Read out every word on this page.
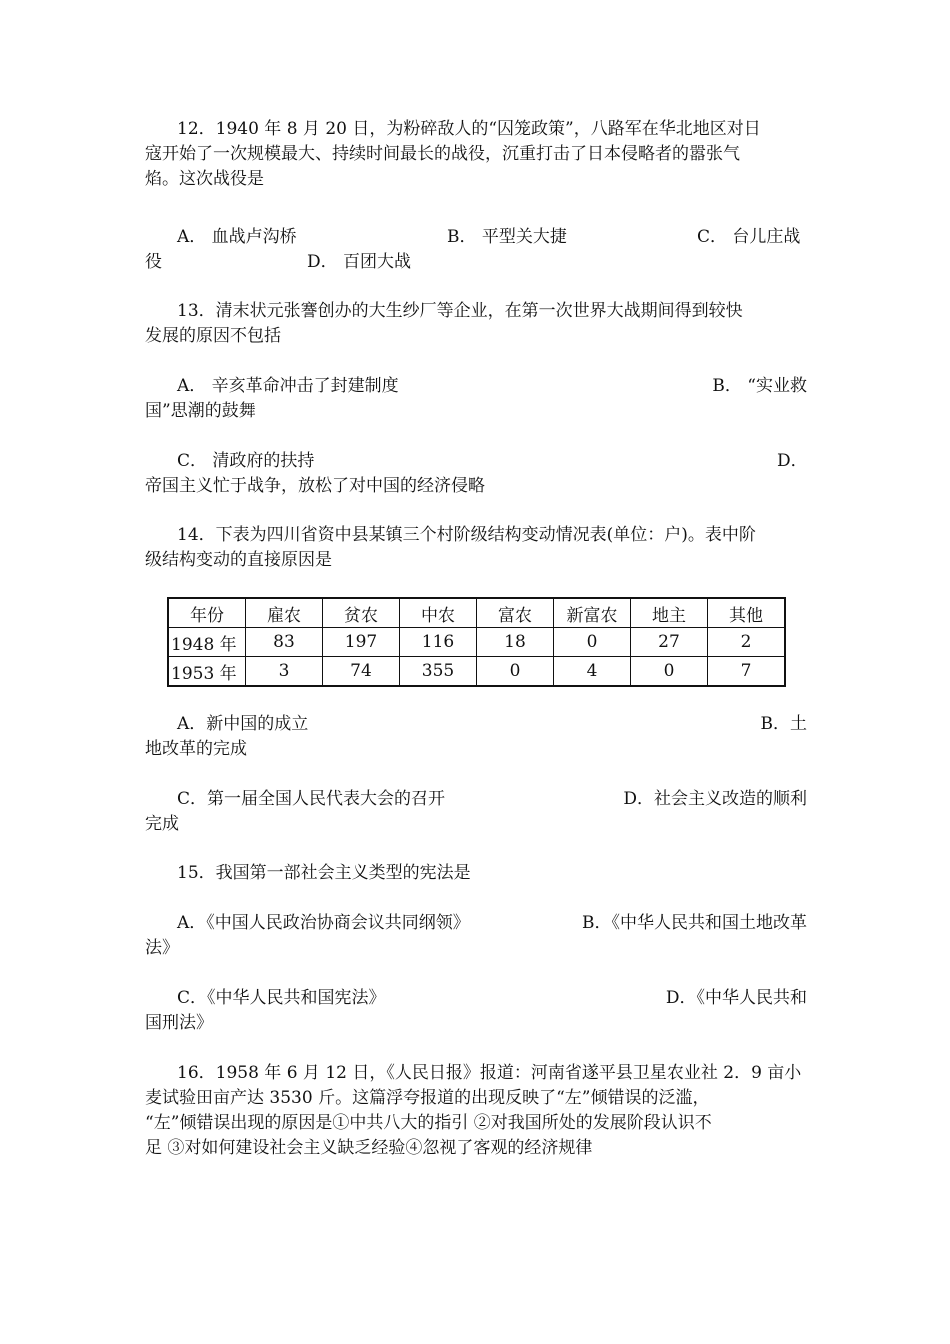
12．1940 年 8 月 20 日，为粉碎敌人的“囚笼政策”，八路军在华北地区对日
寇开始了一次规模最大、持续时间最长的战役，沉重打击了日本侵略者的嚣张气
焰。这次战役是
A． 血战卢沟桥	B． 平型关大捷	C． 台儿庄战
役	D． 百团大战
13．清末状元张謇创办的大生纱厂等企业，在第一次世界大战期间得到较快
发展的原因不包括
A． 辛亥革命冲击了封建制度	B． “实业救
国”思潮的鼓舞
C． 清政府的扶持	D．
帝国主义忙于战争，放松了对中国的经济侵略
14．下表为四川省资中县某镇三个村阶级结构变动情况表(单位：户)。表中阶
级结构变动的直接原因是
年份	雇农	贫农	中农	富农	新富农	地主	其他
1948 年	83	197	116	18	0	27	2
1953 年	3	74	355	0	4	0	7
A．新中国的成立	B．土
地改革的完成
C．第一届全国人民代表大会的召开	D．社会主义改造的顺利
完成
15．我国第一部社会主义类型的宪法是
A．《中国人民政治协商会议共同纲领》	B．《中华人民共和国土地改革
法》
C．《中华人民共和国宪法》	D．《中华人民共和
国刑法》
16．1958 年 6 月 12 日，《人民日报》报道：河南省遂平县卫星农业社 2．9 亩小
麦试验田亩产达 3530 斤。这篇浮夸报道的出现反映了“左”倾错误的泛滥，
“左”倾错误出现的原因是①中共八大的指引 ②对我国所处的发展阶段认识不
足 ③对如何建设社会主义缺乏经验④忽视了客观的经济规律
